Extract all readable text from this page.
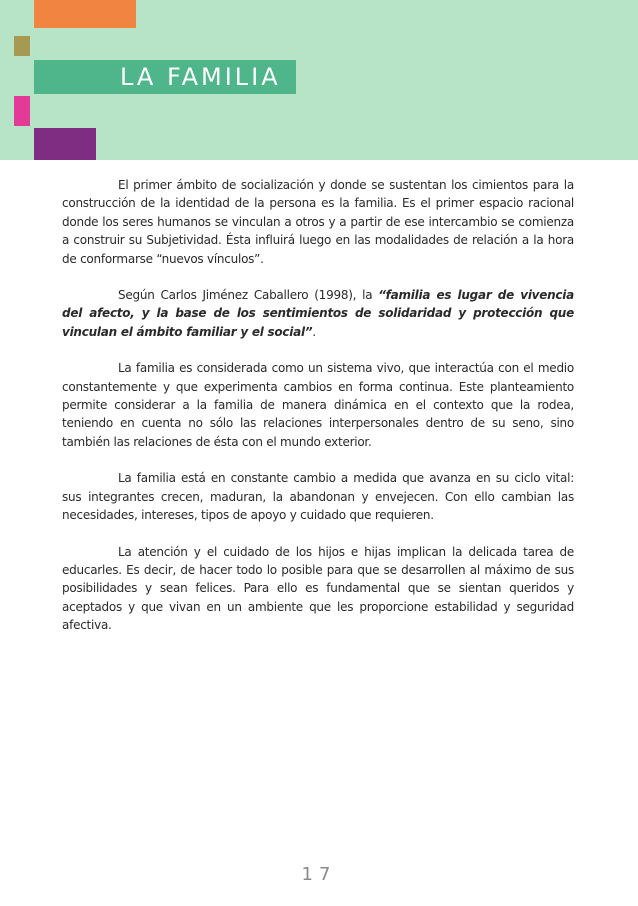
LA FAMILIA

El primer ámbito de socialización y donde se sustentan los cimientos para la construcción de la identidad de la persona es la familia. Es el primer espacio racional donde los seres humanos se vinculan a otros y a partir de ese intercambio se comienza a construir su Subjetividad. Ésta influirá luego en las modalidades de relación a la hora de conformarse “nuevos vínculos”.

Según Carlos Jiménez Caballero (1998), la “familia es lugar de vivencia del afecto, y la base de los sentimientos de solidaridad y protección que vinculan el ámbito familiar y el social”.

La familia es considerada como un sistema vivo, que interactúa con el medio constantemente y que experimenta cambios en forma continua. Este planteamiento permite considerar a la familia de manera dinámica en el contexto que la rodea, teniendo en cuenta no sólo las relaciones interpersonales dentro de su seno, sino también las relaciones de ésta con el mundo exterior.

La familia está en constante cambio a medida que avanza en su ciclo vital: sus integrantes crecen, maduran, la abandonan y envejecen. Con ello cambian las necesidades, intereses, tipos de apoyo y cuidado que requieren.

La atención y el cuidado de los hijos e hijas implican la delicada tarea de educarles. Es decir, de hacer todo lo posible para que se desarrollen al máximo de sus posibilidades y sean felices. Para ello es fundamental que se sientan queridos y aceptados y que vivan en un ambiente que les proporcione estabilidad y seguridad afectiva.

17
